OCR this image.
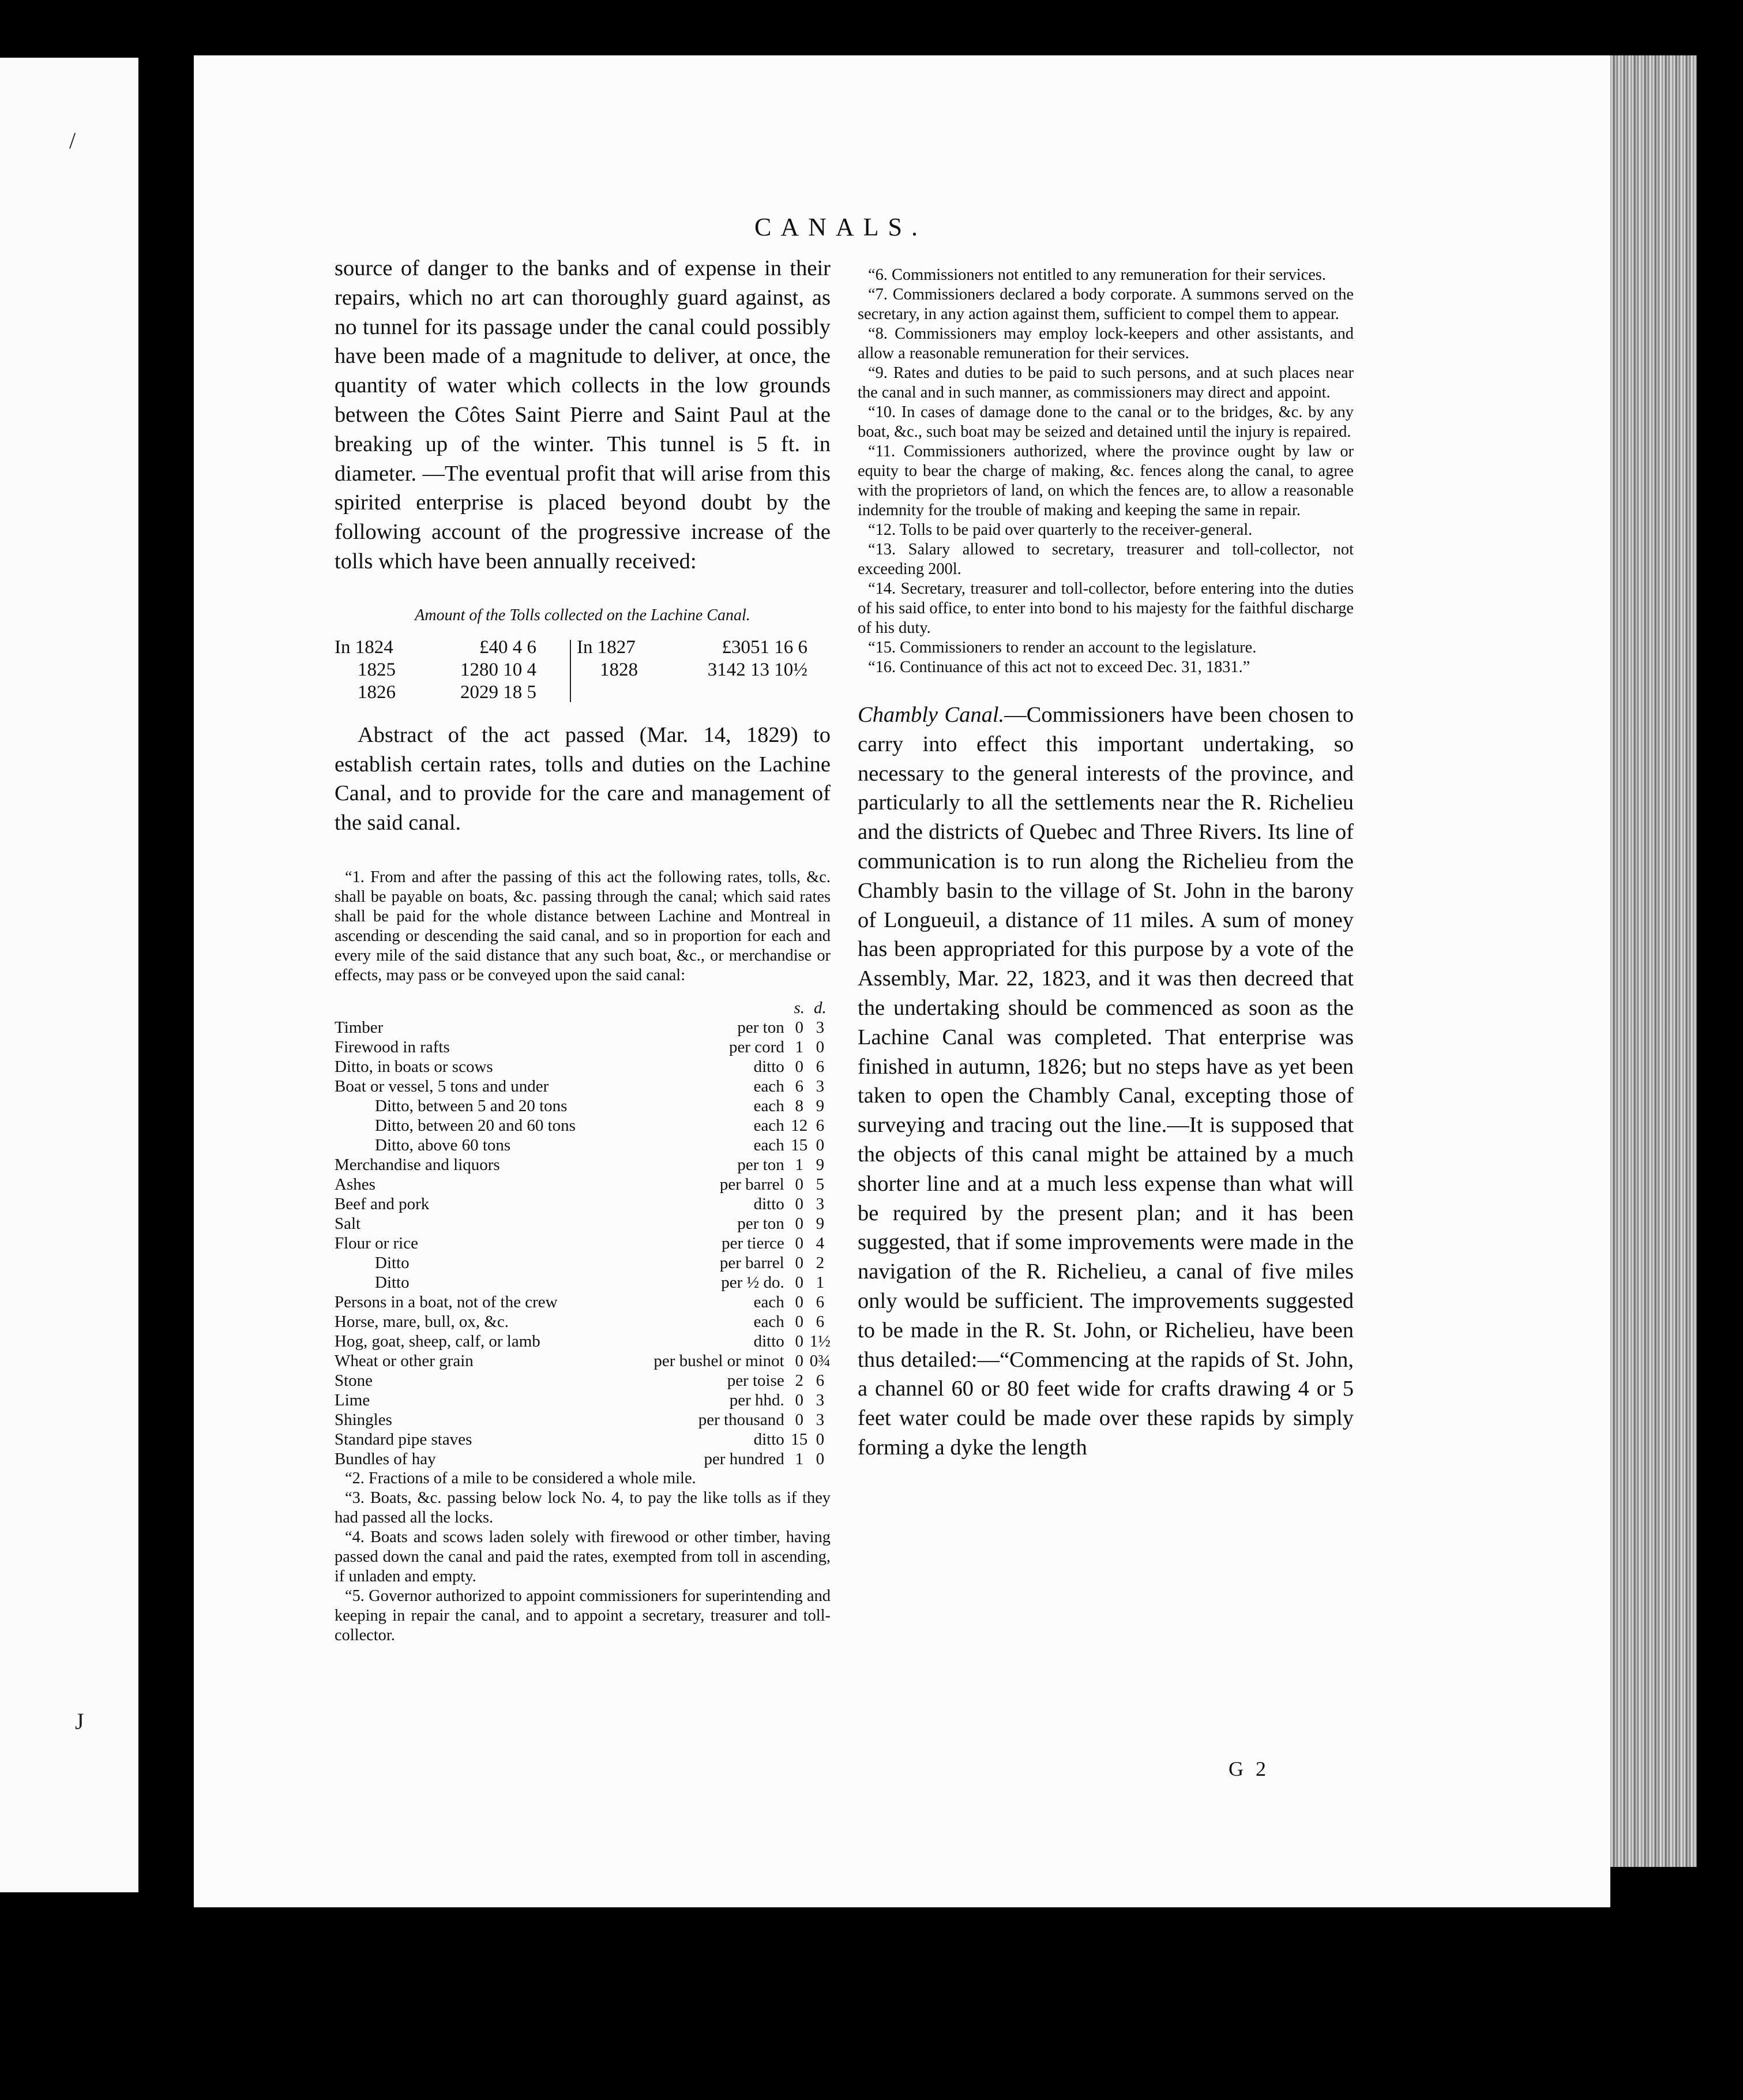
/
J
CANALS.

source of danger to the banks and of expense in their repairs, which no art can thoroughly guard against, as no tunnel for its passage under the canal could possibly have been made of a magnitude to deliver, at once, the quantity of water which collects in the low grounds between the Côtes Saint Pierre and Saint Paul at the breaking up of the winter. This tunnel is 5 ft. in diameter. —The eventual profit that will arise from this spirited enterprise is placed beyond doubt by the following account of the progressive increase of the tolls which have been annually received:

Amount of the Tolls collected on the Lachine Canal.
In 1824	£40 4 6
1825	1280 10 4
1826	2029 18 5
In 1827	£3051 16 6
1828	3142 13 10½

Abstract of the act passed (Mar. 14, 1829) to establish certain rates, tolls and duties on the Lachine Canal, and to provide for the care and management of the said canal.

“1. From and after the passing of this act the following rates, tolls, &c. shall be payable on boats, &c. passing through the canal; which said rates shall be paid for the whole distance between Lachine and Montreal in ascending or descending the said canal, and so in proportion for each and every mile of the said distance that any such boat, &c., or merchandise or effects, may pass or be conveyed upon the said canal:

		s.	d.
Timber	per ton	0	3
Firewood in rafts	per cord	1	0
Ditto, in boats or scows	ditto	0	6
Boat or vessel, 5 tons and under	each	6	3
Ditto, between 5 and 20 tons	each	8	9
Ditto, between 20 and 60 tons	each	12	6
Ditto, above 60 tons	each	15	0
Merchandise and liquors	per ton	1	9
Ashes	per barrel	0	5
Beef and pork	ditto	0	3
Salt	per ton	0	9
Flour or rice	per tierce	0	4
Ditto	per barrel	0	2
Ditto	per ½ do.	0	1
Persons in a boat, not of the crew	each	0	6
Horse, mare, bull, ox, &c.	each	0	6
Hog, goat, sheep, calf, or lamb	ditto	0	1½
Wheat or other grain	per bushel or minot	0	0¾
Stone	per toise	2	6
Lime	per hhd.	0	3
Shingles	per thousand	0	3
Standard pipe staves	ditto	15	0
Bundles of hay	per hundred	1	0

“2. Fractions of a mile to be considered a whole mile.

“3. Boats, &c. passing below lock No. 4, to pay the like tolls as if they had passed all the locks.

“4. Boats and scows laden solely with firewood or other timber, having passed down the canal and paid the rates, exempted from toll in ascending, if unladen and empty.

“5. Governor authorized to appoint commissioners for superintending and keeping in repair the canal, and to appoint a secretary, treasurer and toll-collector.

“6. Commissioners not entitled to any remuneration for their services.

“7. Commissioners declared a body corporate. A summons served on the secretary, in any action against them, sufficient to compel them to appear.

“8. Commissioners may employ lock-keepers and other assistants, and allow a reasonable remuneration for their services.

“9. Rates and duties to be paid to such persons, and at such places near the canal and in such manner, as commissioners may direct and appoint.

“10. In cases of damage done to the canal or to the bridges, &c. by any boat, &c., such boat may be seized and detained until the injury is repaired.

“11. Commissioners authorized, where the province ought by law or equity to bear the charge of making, &c. fences along the canal, to agree with the proprietors of land, on which the fences are, to allow a reasonable indemnity for the trouble of making and keeping the same in repair.

“12. Tolls to be paid over quarterly to the receiver-general.

“13. Salary allowed to secretary, treasurer and toll-collector, not exceeding 200l.

“14. Secretary, treasurer and toll-collector, before entering into the duties of his said office, to enter into bond to his majesty for the faithful discharge of his duty.

“15. Commissioners to render an account to the legislature.

“16. Continuance of this act not to exceed Dec. 31, 1831.”

Chambly Canal.—Commissioners have been chosen to carry into effect this important undertaking, so necessary to the general interests of the province, and particularly to all the settlements near the R. Richelieu and the districts of Quebec and Three Rivers. Its line of communication is to run along the Richelieu from the Chambly basin to the village of St. John in the barony of Longueuil, a distance of 11 miles. A sum of money has been appropriated for this purpose by a vote of the Assembly, Mar. 22, 1823, and it was then decreed that the undertaking should be commenced as soon as the Lachine Canal was completed. That enterprise was finished in autumn, 1826; but no steps have as yet been taken to open the Chambly Canal, excepting those of surveying and tracing out the line.—It is supposed that the objects of this canal might be attained by a much shorter line and at a much less expense than what will be required by the present plan; and it has been suggested, that if some improvements were made in the navigation of the R. Richelieu, a canal of five miles only would be sufficient. The improvements suggested to be made in the R. St. John, or Richelieu, have been thus detailed:—“Commencing at the rapids of St. John, a channel 60 or 80 feet wide for crafts drawing 4 or 5 feet water could be made over these rapids by simply forming a dyke the length

G 2
